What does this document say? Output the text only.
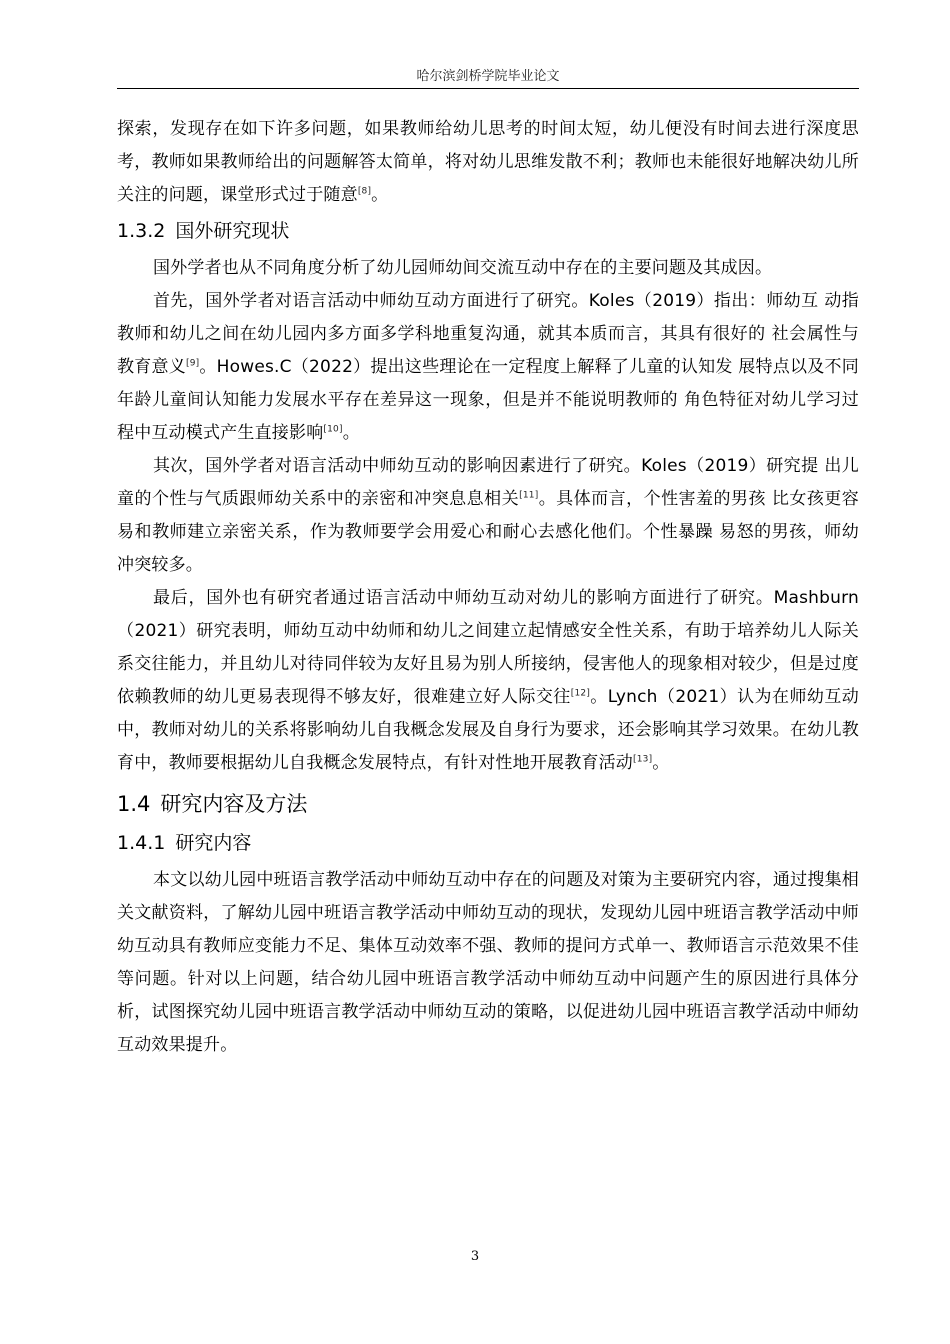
哈尔滨剑桥学院毕业论文

探索，发现存在如下许多问题，如果教师给幼儿思考的时间太短，幼儿便没有时间去进行深度思考，教师如果教师给出的问题解答太简单，将对幼儿思维发散不利；教师也未能很好地解决幼儿所关注的问题，课堂形式过于随意[8]。

1.3.2 国外研究现状

国外学者也从不同角度分析了幼儿园师幼间交流互动中存在的主要问题及其成因。

首先，国外学者对语言活动中师幼互动方面进行了研究。Koles（2019）指出：师幼互 动指教师和幼儿之间在幼儿园内多方面多学科地重复沟通，就其本质而言，其具有很好的 社会属性与教育意义[9]。Howes.C（2022）提出这些理论在一定程度上解释了儿童的认知发 展特点以及不同年龄儿童间认知能力发展水平存在差异这一现象，但是并不能说明教师的 角色特征对幼儿学习过程中互动模式产生直接影响[10]。

其次，国外学者对语言活动中师幼互动的影响因素进行了研究。Koles（2019）研究提 出儿童的个性与气质跟师幼关系中的亲密和冲突息息相关[11]。具体而言，个性害羞的男孩 比女孩更容易和教师建立亲密关系，作为教师要学会用爱心和耐心去感化他们。个性暴躁 易怒的男孩，师幼冲突较多。

最后，国外也有研究者通过语言活动中师幼互动对幼儿的影响方面进行了研究。Mashburn（2021）研究表明，师幼互动中幼师和幼儿之间建立起情感安全性关系，有助于培养幼儿人际关系交往能力，并且幼儿对待同伴较为友好且易为别人所接纳，侵害他人的现象相对较少，但是过度依赖教师的幼儿更易表现得不够友好，很难建立好人际交往[12]。Lynch（2021）认为在师幼互动中，教师对幼儿的关系将影响幼儿自我概念发展及自身行为要求，还会影响其学习效果。在幼儿教育中，教师要根据幼儿自我概念发展特点，有针对性地开展教育活动[13]。

1.4 研究内容及方法
1.4.1 研究内容

本文以幼儿园中班语言教学活动中师幼互动中存在的问题及对策为主要研究内容，通过搜集相关文献资料，了解幼儿园中班语言教学活动中师幼互动的现状，发现幼儿园中班语言教学活动中师幼互动具有教师应变能力不足、集体互动效率不强、教师的提问方式单一、教师语言示范效果不佳等问题。针对以上问题，结合幼儿园中班语言教学活动中师幼互动中问题产生的原因进行具体分析，试图探究幼儿园中班语言教学活动中师幼互动的策略，以促进幼儿园中班语言教学活动中师幼互动效果提升。

3
